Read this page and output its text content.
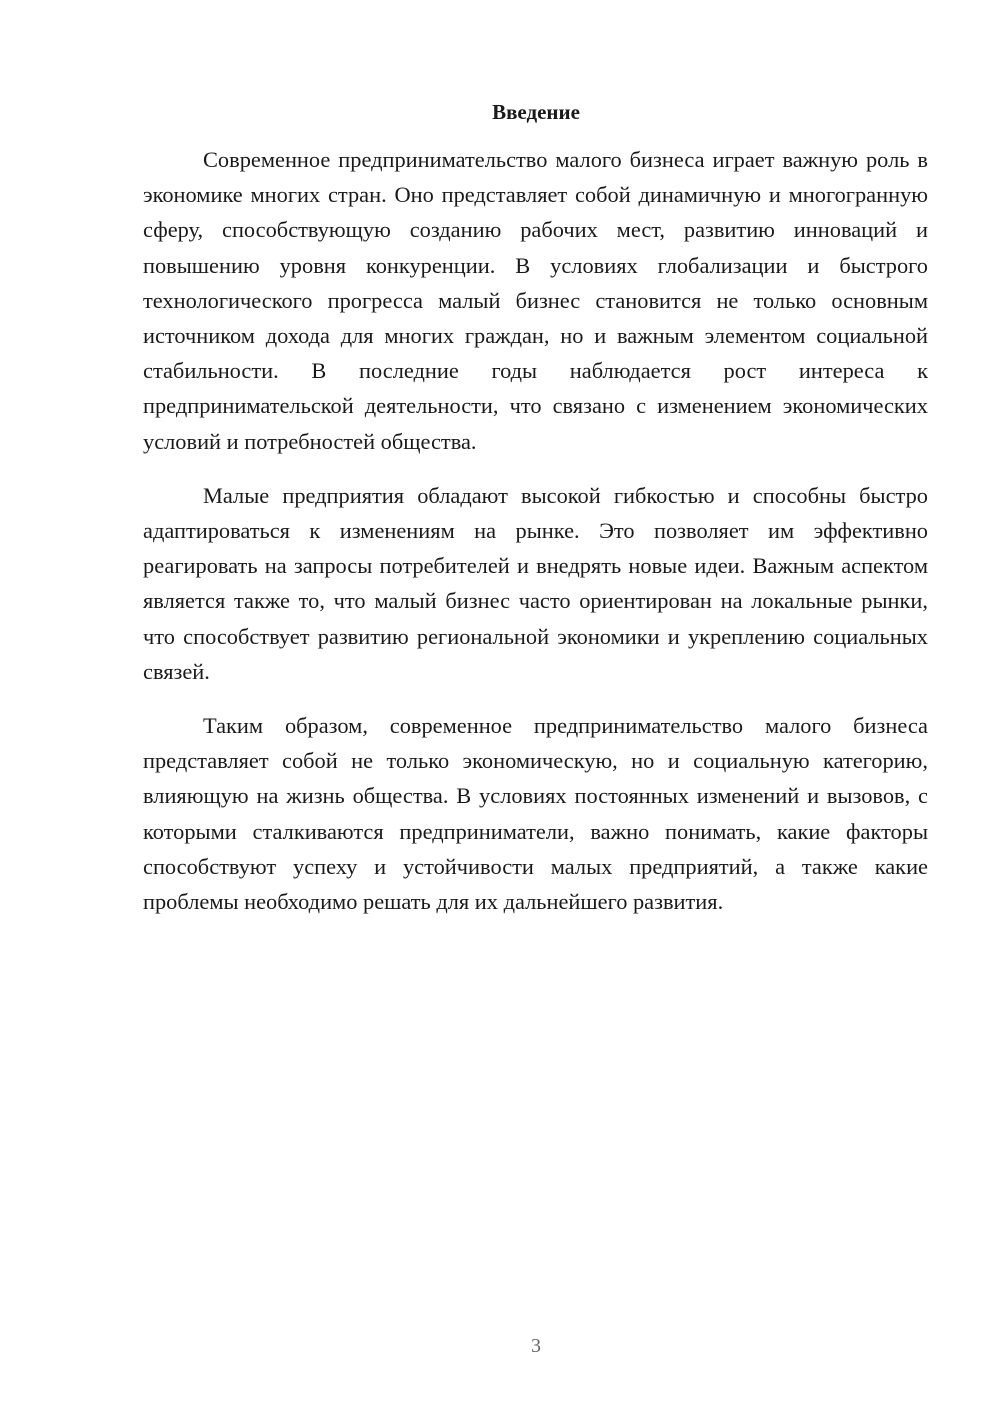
Введение

Современное предпринимательство малого бизнеса играет важную роль в экономике многих стран. Оно представляет собой динамичную и многогранную сферу, способствующую созданию рабочих мест, развитию инноваций и повышению уровня конкуренции. В условиях глобализации и быстрого технологического прогресса малый бизнес становится не только основным источником дохода для многих граждан, но и важным элементом социальной стабильности. В последние годы наблюдается рост интереса к предпринимательской деятельности, что связано с изменением экономических условий и потребностей общества.

Малые предприятия обладают высокой гибкостью и способны быстро адаптироваться к изменениям на рынке. Это позволяет им эффективно реагировать на запросы потребителей и внедрять новые идеи. Важным аспектом является также то, что малый бизнес часто ориентирован на локальные рынки, что способствует развитию региональной экономики и укреплению социальных связей.

Таким образом, современное предпринимательство малого бизнеса представляет собой не только экономическую, но и социальную категорию, влияющую на жизнь общества. В условиях постоянных изменений и вызовов, с которыми сталкиваются предприниматели, важно понимать, какие факторы способствуют успеху и устойчивости малых предприятий, а также какие проблемы необходимо решать для их дальнейшего развития.

3
